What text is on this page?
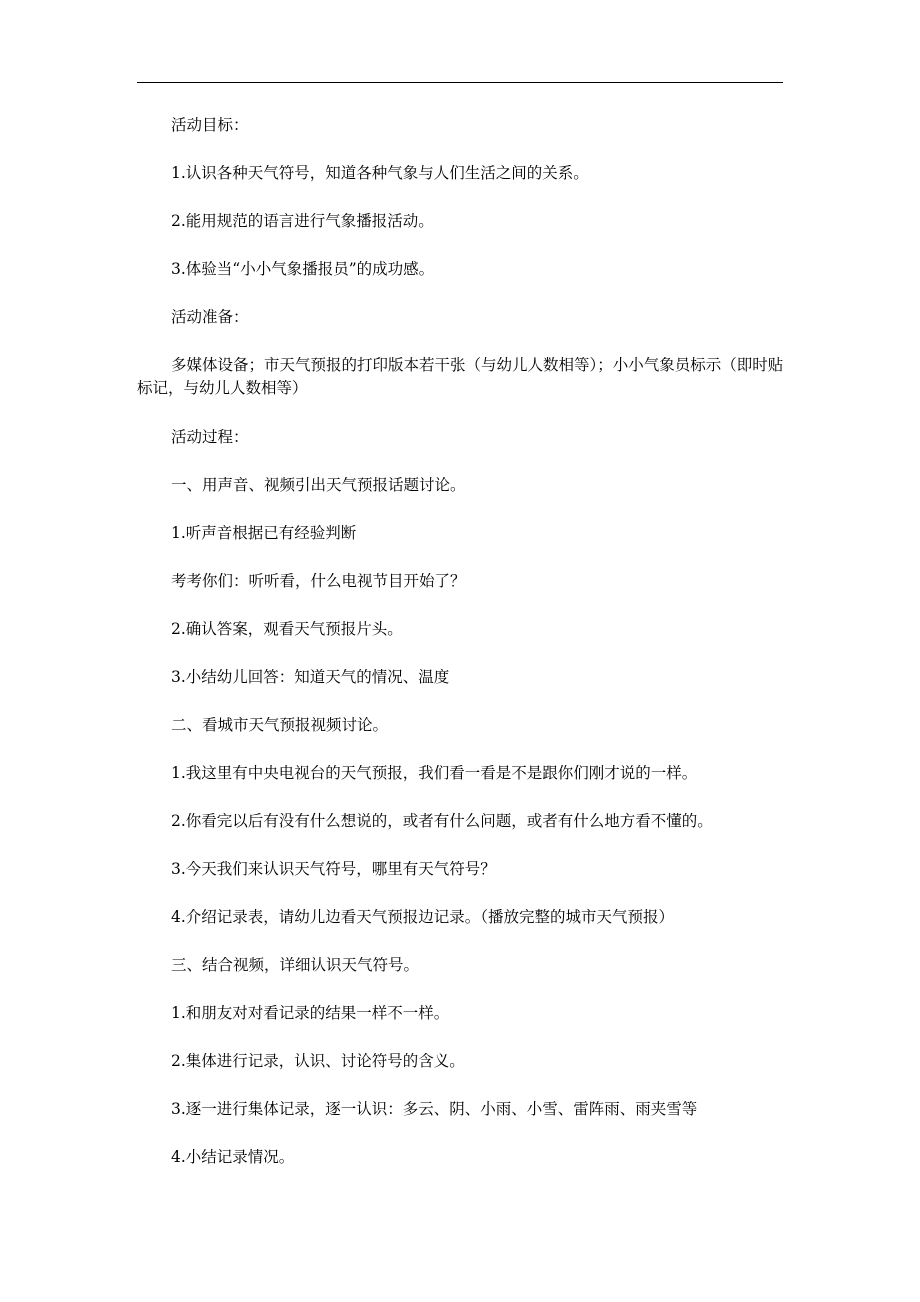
活动目标：

1.认识各种天气符号，知道各种气象与人们生活之间的关系。

2.能用规范的语言进行气象播报活动。

3.体验当“小小气象播报员”的成功感。

活动准备：

多媒体设备；市天气预报的打印版本若干张（与幼儿人数相等）；小小气象员标示（即时贴标记，与幼儿人数相等）

活动过程：

一、用声音、视频引出天气预报话题讨论。

1.听声音根据已有经验判断

考考你们：听听看，什么电视节目开始了？

2.确认答案，观看天气预报片头。

3.小结幼儿回答：知道天气的情况、温度

二、看城市天气预报视频讨论。

1.我这里有中央电视台的天气预报，我们看一看是不是跟你们刚才说的一样。

2.你看完以后有没有什么想说的，或者有什么问题，或者有什么地方看不懂的。

3.今天我们来认识天气符号，哪里有天气符号？

4.介绍记录表，请幼儿边看天气预报边记录。（播放完整的城市天气预报）

三、结合视频，详细认识天气符号。

1.和朋友对对看记录的结果一样不一样。

2.集体进行记录，认识、讨论符号的含义。

3.逐一进行集体记录，逐一认识：多云、阴、小雨、小雪、雷阵雨、雨夹雪等

4.小结记录情况。
